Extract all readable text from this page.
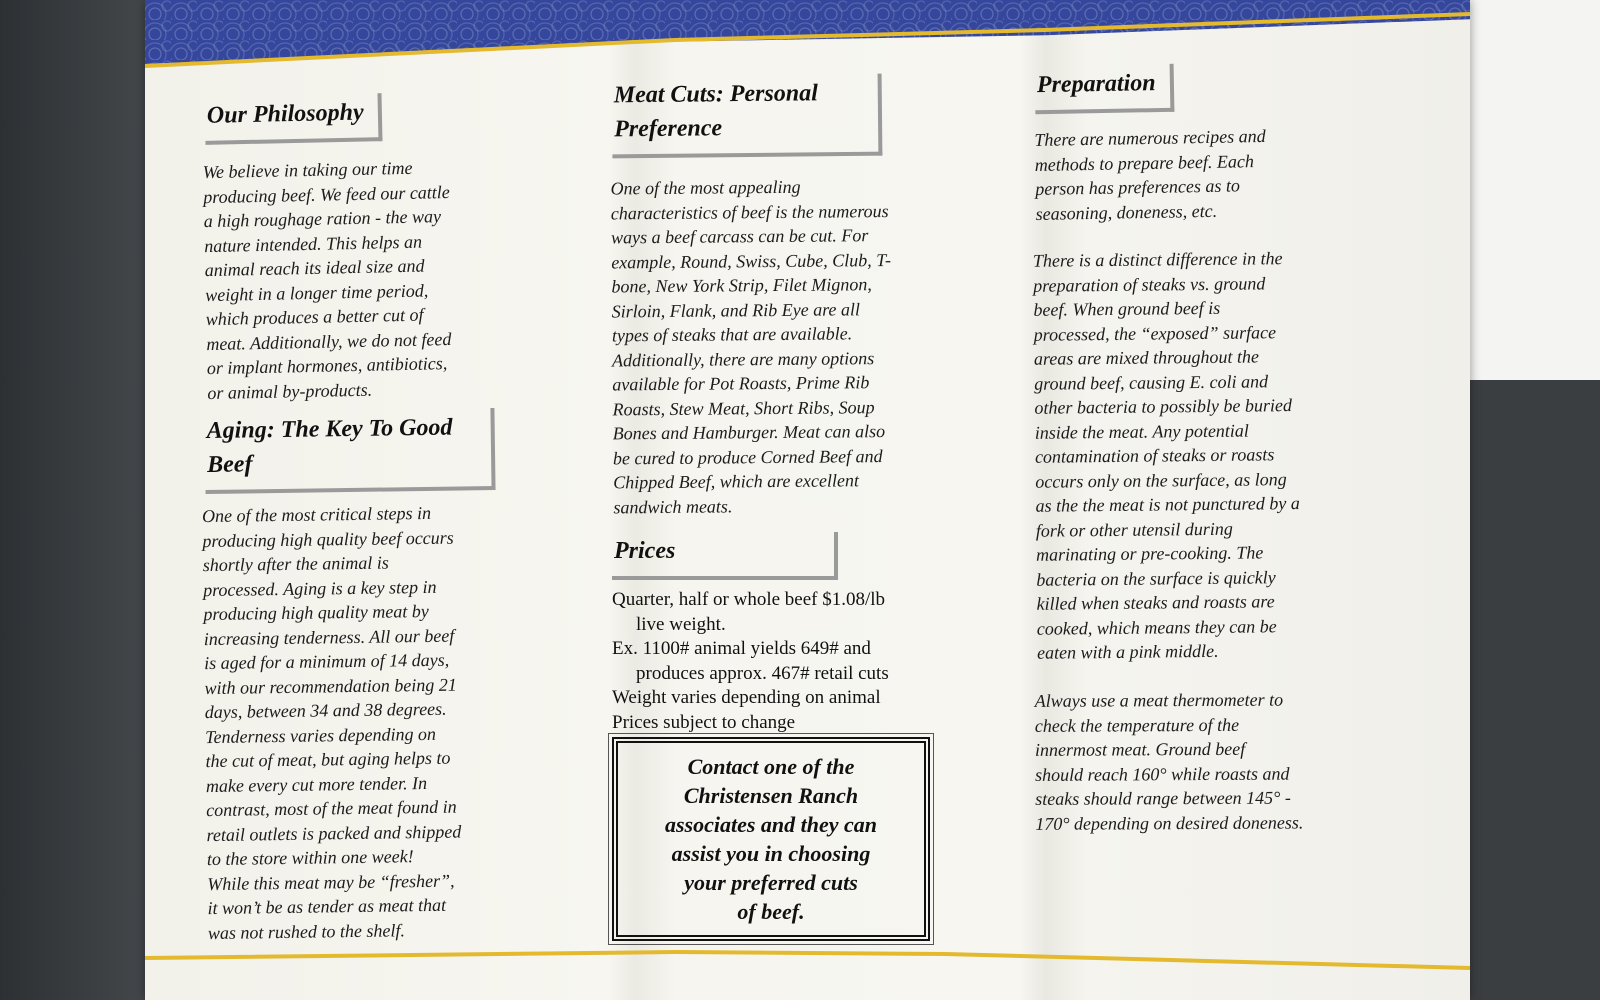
Our Philosophy

We believe in taking our time
producing beef. We feed our cattle
a high roughage ration - the way
nature intended. This helps an
animal reach its ideal size and
weight in a longer time period,
which produces a better cut of
meat. Additionally, we do not feed
or implant hormones, antibiotics,
or animal by-products.

Aging: The Key To Good
Beef

One of the most critical steps in
producing high quality beef occurs
shortly after the animal is
processed. Aging is a key step in
producing high quality meat by
increasing tenderness. All our beef
is aged for a minimum of 14 days,
with our recommendation being 21
days, between 34 and 38 degrees.
Tenderness varies depending on
the cut of meat, but aging helps to
make every cut more tender. In
contrast, most of the meat found in
retail outlets is packed and shipped
to the store within one week!
While this meat may be “fresher”,
it won’t be as tender as meat that
was not rushed to the shelf.

Meat Cuts: Personal
Preference

One of the most appealing
characteristics of beef is the numerous
ways a beef carcass can be cut. For
example, Round, Swiss, Cube, Club, T-
bone, New York Strip, Filet Mignon,
Sirloin, Flank, and Rib Eye are all
types of steaks that are available.
Additionally, there are many options
available for Pot Roasts, Prime Rib
Roasts, Stew Meat, Short Ribs, Soup
Bones and Hamburger. Meat can also
be cured to produce Corned Beef and
Chipped Beef, which are excellent
sandwich meats.

Prices
Quarter, half or whole beef $1.08/lb
live weight.
Ex. 1100# animal yields 649# and
produces approx. 467# retail cuts
Weight varies depending on animal
Prices subject to change

Contact one of the
Christensen Ranch
associates and they can
assist you in choosing
your preferred cuts
of beef.

Preparation

There are numerous recipes and
methods to prepare beef. Each
person has preferences as to
seasoning, doneness, etc.

There is a distinct difference in the
preparation of steaks vs. ground
beef. When ground beef is
processed, the “exposed” surface
areas are mixed throughout the
ground beef, causing E. coli and
other bacteria to possibly be buried
inside the meat. Any potential
contamination of steaks or roasts
occurs only on the surface, as long
as the the meat is not punctured by a
fork or other utensil during
marinating or pre-cooking. The
bacteria on the surface is quickly
killed when steaks and roasts are
cooked, which means they can be
eaten with a pink middle.

Always use a meat thermometer to
check the temperature of the
innermost meat. Ground beef
should reach 160° while roasts and
steaks should range between 145° -
170° depending on desired doneness.
